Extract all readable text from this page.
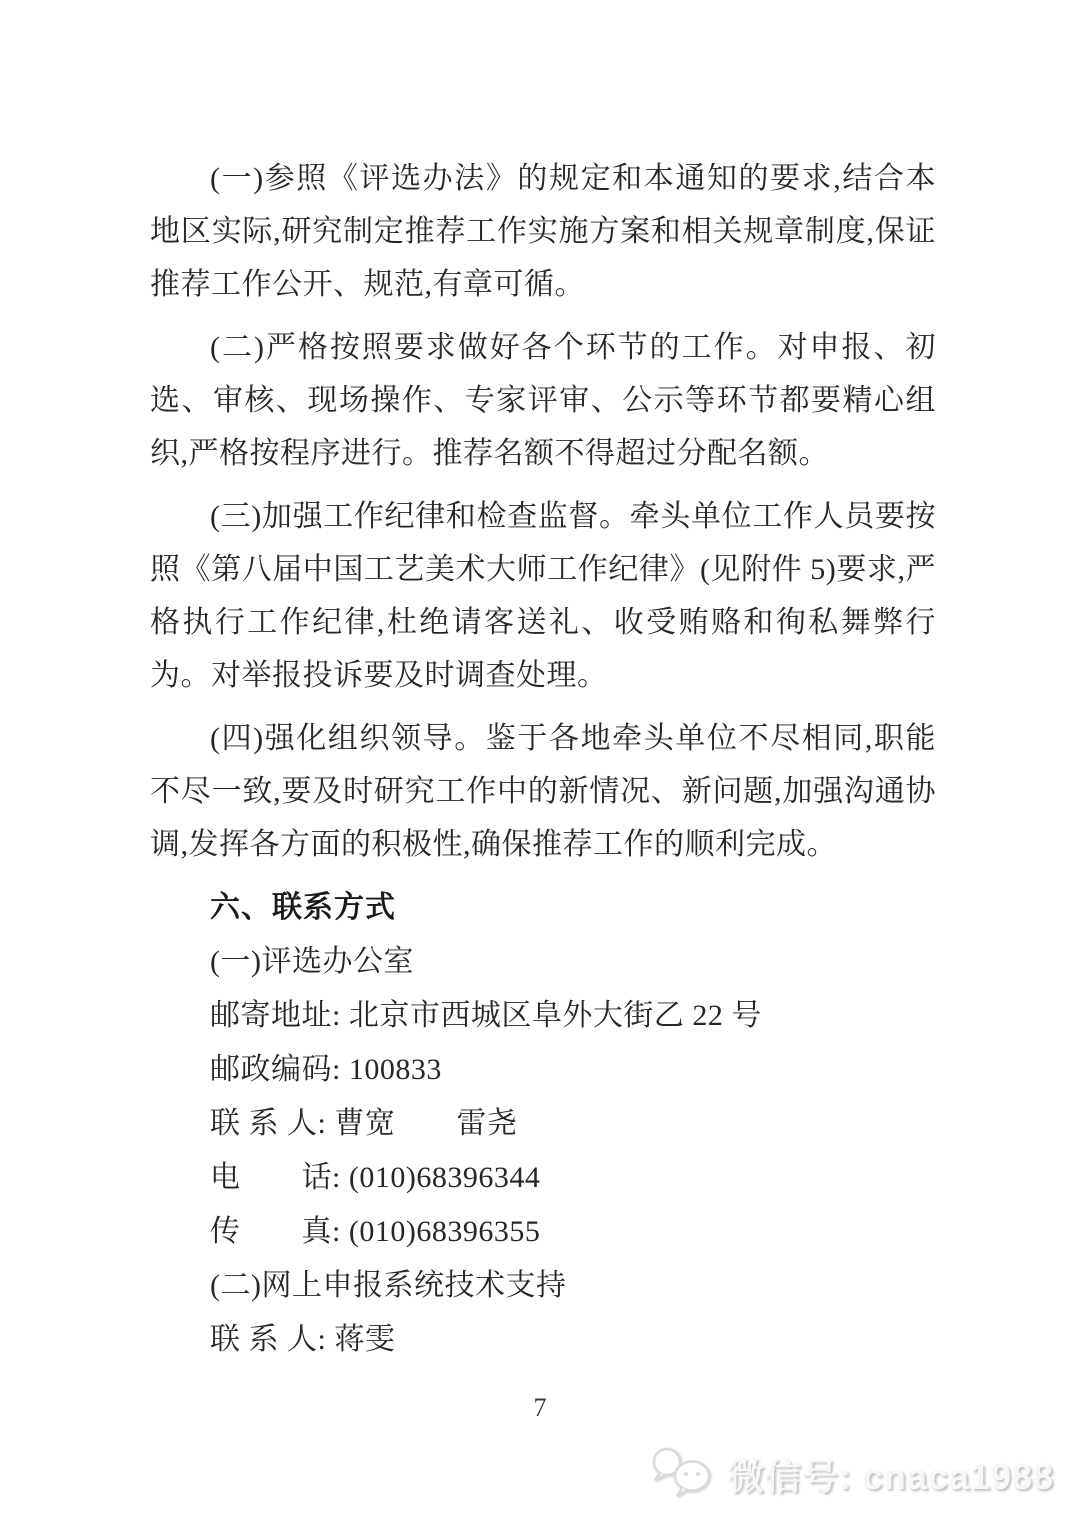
(一)参照《评选办法》的规定和本通知的要求,结合本地区实际,研究制定推荐工作实施方案和相关规章制度,保证推荐工作公开、规范,有章可循。

(二)严格按照要求做好各个环节的工作。对申报、初选、审核、现场操作、专家评审、公示等环节都要精心组织,严格按程序进行。推荐名额不得超过分配名额。

(三)加强工作纪律和检查监督。牵头单位工作人员要按照《第八届中国工艺美术大师工作纪律》(见附件 5)要求,严格执行工作纪律,杜绝请客送礼、收受贿赂和徇私舞弊行为。对举报投诉要及时调查处理。

(四)强化组织领导。鉴于各地牵头单位不尽相同,职能不尽一致,要及时研究工作中的新情况、新问题,加强沟通协调,发挥各方面的积极性,确保推荐工作的顺利完成。

六、联系方式
(一)评选办公室
邮寄地址: 北京市西城区阜外大街乙 22 号
邮政编码: 100833
联 系 人: 曹宽　　雷尧
电　　话: (010)68396344
传　　真: (010)68396355
(二)网上申报系统技术支持
联 系 人: 蒋雯
7
微信号: cnaca1988
